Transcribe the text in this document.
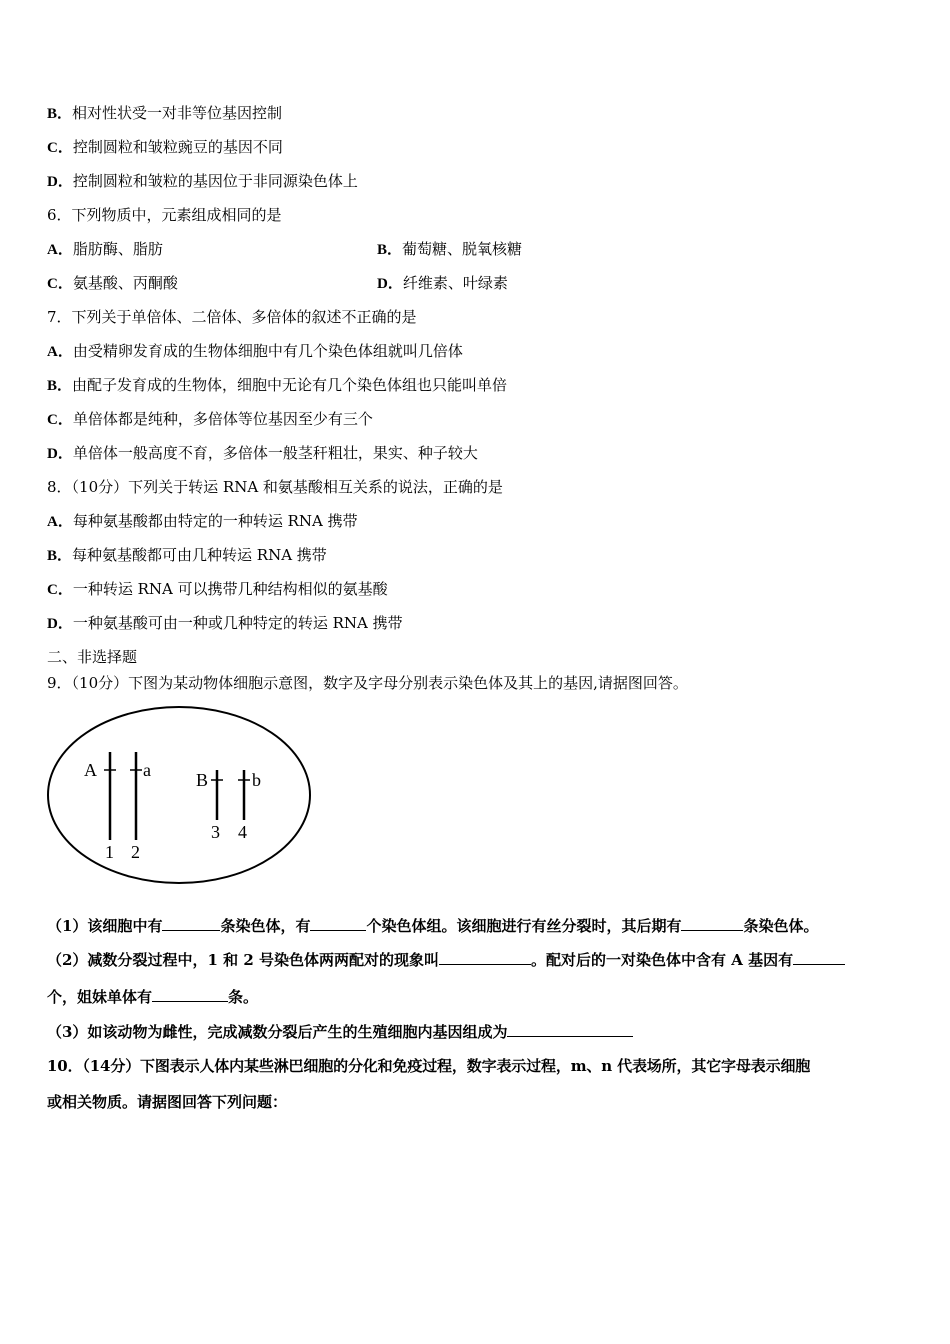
B．相对性状受一对非等位基因控制
C．控制圆粒和皱粒豌豆的基因不同
D．控制圆粒和皱粒的基因位于非同源染色体上
6．下列物质中，元素组成相同的是
A．脂肪酶、脂肪	B．葡萄糖、脱氧核糖
C．氨基酸、丙酮酸	D．纤维素、叶绿素
7．下列关于单倍体、二倍体、多倍体的叙述不正确的是
A．由受精卵发育成的生物体细胞中有几个染色体组就叫几倍体
B．由配子发育成的生物体，细胞中无论有几个染色体组也只能叫单倍
C．单倍体都是纯种，多倍体等位基因至少有三个
D．单倍体一般高度不育，多倍体一般茎秆粗壮，果实、种子较大
8．（10分）下列关于转运 RNA 和氨基酸相互关系的说法，正确的是
A．每种氨基酸都由特定的一种转运 RNA 携带
B．每种氨基酸都可由几种转运 RNA 携带
C．一种转运 RNA 可以携带几种结构相似的氨基酸
D．一种氨基酸可由一种或几种特定的转运 RNA 携带
二、非选择题
9．（10分）下图为某动物体细胞示意图，数字及字母分别表示染色体及其上的基因,请据图回答。
A	a	B b
1 2
3 4
（1）该细胞中有	条染色体，有	个染色体组。该细胞进行有丝分裂时，其后期有	条染色体。
（2）减数分裂过程中，1 和 2 号染色体两两配对的现象叫	。配对后的一对染色体中含有 A 基因有
个，姐妹单体有	条。
（3）如该动物为雌性，完成减数分裂后产生的生殖细胞内基因组成为
10．（14分）下图表示人体内某些淋巴细胞的分化和免疫过程，数字表示过程，m、n 代表场所，其它字母表示细胞
或相关物质。请据图回答下列问题：
